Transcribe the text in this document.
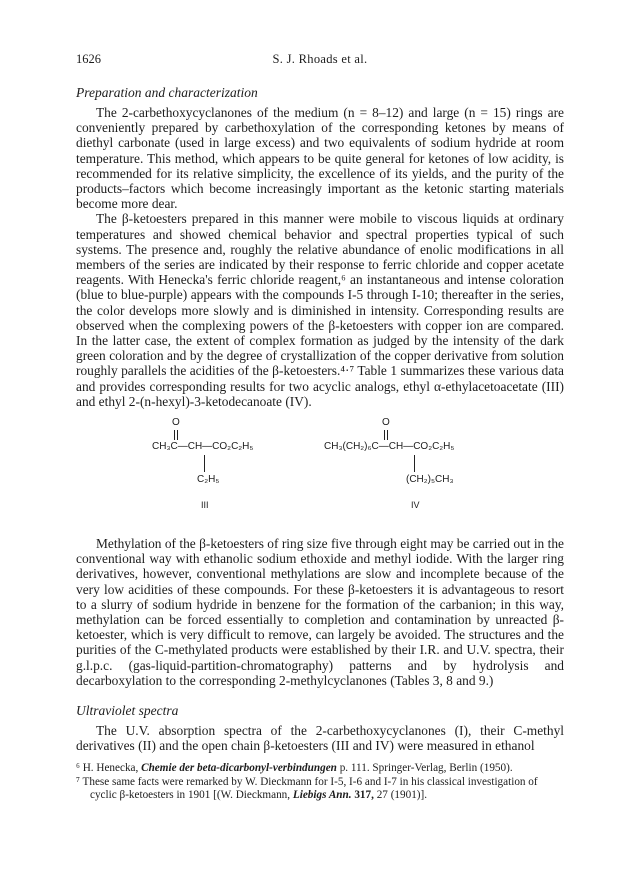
1626	S. J. Rhoads et al.
Preparation and characterization

The 2-carbethoxycyclanones of the medium (n = 8–12) and large (n = 15) rings are conveniently prepared by carbethoxylation of the corresponding ketones by means of diethyl carbonate (used in large excess) and two equivalents of sodium hydride at room temperature. This method, which appears to be quite general for ketones of low acidity, is recommended for its relative simplicity, the excellence of its yields, and the purity of the products–factors which become increasingly important as the ketonic starting materials become more dear.

The β-ketoesters prepared in this manner were mobile to viscous liquids at ordinary temperatures and showed chemical behavior and spectral properties typical of such systems. The presence and, roughly the relative abundance of enolic modifications in all members of the series are indicated by their response to ferric chloride and copper acetate reagents. With Henecka's ferric chloride reagent,⁶ an instantaneous and intense coloration (blue to blue-purple) appears with the compounds I-5 through I-10; thereafter in the series, the color develops more slowly and is diminished in intensity. Corresponding results are observed when the complexing powers of the β-ketoesters with copper ion are compared. In the latter case, the extent of complex formation as judged by the intensity of the dark green coloration and by the degree of crystallization of the copper derivative from solution roughly parallels the acidities of the β-ketoesters.⁴·⁷ Table 1 summarizes these various data and provides corresponding results for two acyclic analogs, ethyl α-ethylacetoacetate (III) and ethyl 2-(n-hexyl)-3-ketodecanoate (IV).

O
CH₃C—CH—CO₂C₂H₅
C₂H₅
III
O
CH₃(CH₂)₆C—CH—CO₂C₂H₅
(CH₂)₅CH₃
IV

Methylation of the β-ketoesters of ring size five through eight may be carried out in the conventional way with ethanolic sodium ethoxide and methyl iodide. With the larger ring derivatives, however, conventional methylations are slow and incomplete because of the very low acidities of these compounds. For these β-ketoesters it is advantageous to resort to a slurry of sodium hydride in benzene for the formation of the carbanion; in this way, methylation can be forced essentially to completion and contamination by unreacted β-ketoester, which is very difficult to remove, can largely be avoided. The structures and the purities of the C-methylated products were established by their I.R. and U.V. spectra, their g.l.p.c. (gas-liquid-partition-chromatography) patterns and by hydrolysis and decarboxylation to the corresponding 2-methylcyclanones (Tables 3, 8 and 9.)

Ultraviolet spectra

The U.V. absorption spectra of the 2-carbethoxycyclanones (I), their C-methyl derivatives (II) and the open chain β-ketoesters (III and IV) were measured in ethanol

⁶ H. Henecka, Chemie der beta-dicarbonyl-verbindungen p. 111. Springer-Verlag, Berlin (1950).

⁷ These same facts were remarked by W. Dieckmann for I-5, I-6 and I-7 in his classical investigation of cyclic β-ketoesters in 1901 [(W. Dieckmann, Liebigs Ann. 317, 27 (1901)].
